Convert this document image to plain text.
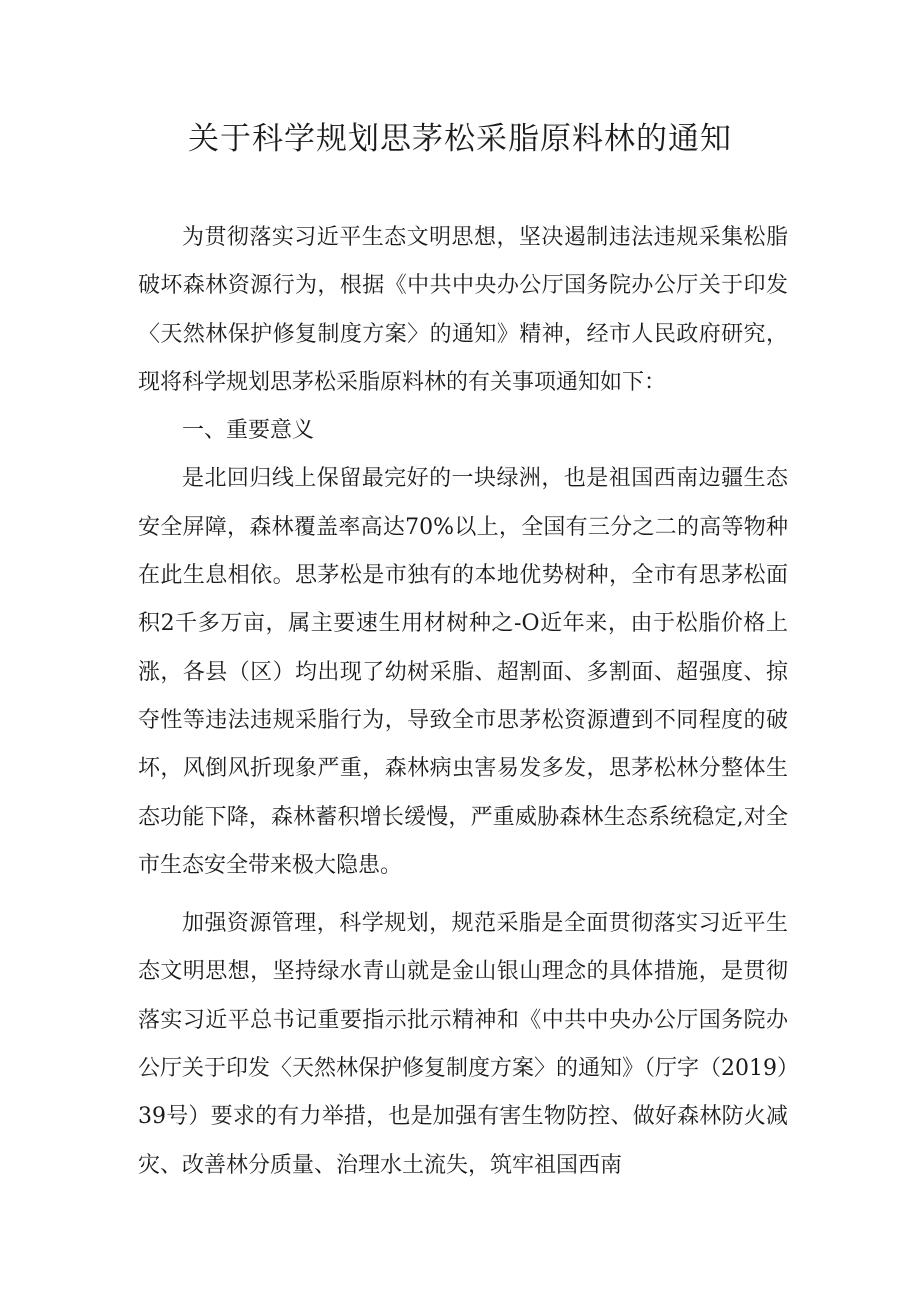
关于科学规划思茅松采脂原料林的通知

为贯彻落实习近平生态文明思想，坚决遏制违法违规采集松脂破坏森林资源行为，根据《中共中央办公厅国务院办公厅关于印发〈天然林保护修复制度方案〉的通知》精神，经市人民政府研究，现将科学规划思茅松采脂原料林的有关事项通知如下：

一、重要意义

是北回归线上保留最完好的一块绿洲，也是祖国西南边疆生态安全屏障，森林覆盖率高达70%以上，全国有三分之二的高等物种在此生息相依。思茅松是市独有的本地优势树种，全市有思茅松面积2千多万亩，属主要速生用材树种之-O近年来，由于松脂价格上涨，各县（区）均出现了幼树采脂、超割面、多割面、超强度、掠夺性等违法违规采脂行为，导致全市思茅松资源遭到不同程度的破坏，风倒风折现象严重，森林病虫害易发多发，思茅松林分整体生态功能下降，森林蓄积增长缓慢，严重威胁森林生态系统稳定,对全市生态安全带来极大隐患。

加强资源管理，科学规划，规范采脂是全面贯彻落实习近平生态文明思想，坚持绿水青山就是金山银山理念的具体措施，是贯彻落实习近平总书记重要指示批示精神和《中共中央办公厅国务院办公厅关于印发〈天然林保护修复制度方案〉的通知》（厅字（2019）39号）要求的有力举措，也是加强有害生物防控、做好森林防火减灾、改善林分质量、治理水土流失，筑牢祖国西南
